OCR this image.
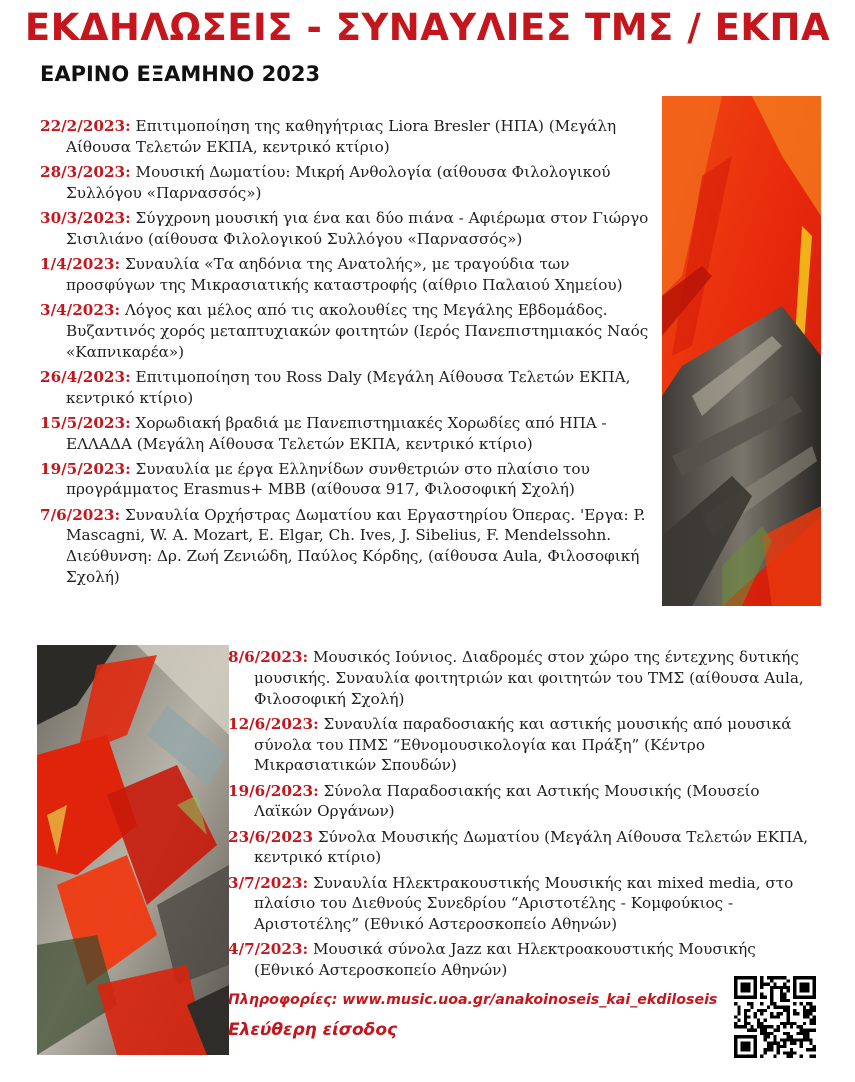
ΕΚΔΗΛΩΣΕΙΣ - ΣΥΝΑΥΛΙΕΣ ΤΜΣ / ΕΚΠΑ
ΕΑΡΙΝΟ ΕΞΑΜΗΝΟ 2023
22/2/2023: Επιτιμοποίηση της καθηγήτριας Liora Bresler (ΗΠΑ) (Μεγάλη Αίθουσα Τελετών ΕΚΠΑ, κεντρικό κτίριο)
28/3/2023: Μουσική Δωματίου: Μικρή Ανθολογία (αίθουσα Φιλολογικού Συλλόγου «Παρνασσός»)
30/3/2023: Σύγχρονη μουσική για ένα και δύο πιάνα - Αφιέρωμα στον Γιώργο Σισιλιάνο (αίθουσα Φιλολογικού Συλλόγου «Παρνασσός»)
1/4/2023: Συναυλία «Τα αηδόνια της Ανατολής», με τραγούδια των προσφύγων της Μικρασιατικής καταστροφής (αίθριο Παλαιού Χημείου)
3/4/2023: Λόγος και μέλος από τις ακολουθίες της Μεγάλης Εβδομάδος. Βυζαντινός χορός μεταπτυχιακών φοιτητών (Ιερός Πανεπιστημιακός Ναός «Καπνικαρέα»)
26/4/2023: Επιτιμοποίηση του Ross Daly (Μεγάλη Αίθουσα Τελετών ΕΚΠΑ, κεντρικό κτίριο)
15/5/2023: Χορωδιακή βραδιά με Πανεπιστημιακές Χορωδίες από ΗΠΑ - ΕΛΛΑΔΑ (Μεγάλη Αίθουσα Τελετών ΕΚΠΑ, κεντρικό κτίριο)
19/5/2023: Συναυλία με έργα Ελληνίδων συνθετριών στο πλαίσιο του προγράμματος Erasmus+ MBB (αίθουσα 917, Φιλοσοφική Σχολή)
7/6/2023: Συναυλία Ορχήστρας Δωματίου και Εργαστηρίου Όπερας. 'Εργα: P. Mascagni, W. A. Mozart, E. Elgar, Ch. Ives, J. Sibelius, F. Mendelssohn. Διεύθυνση: Δρ. Ζωή Ζενιώδη, Παύλος Κόρδης, (αίθουσα Aula, Φιλοσοφική Σχολή)
8/6/2023: Μουσικός Ιούνιος. Διαδρομές στον χώρο της έντεχνης δυτικής μουσικής. Συναυλία φοιτητριών και φοιτητών του ΤΜΣ (αίθουσα Aula, Φιλοσοφική Σχολή)
12/6/2023: Συναυλία παραδοσιακής και αστικής μουσικής από μουσικά σύνολα του ΠΜΣ “Εθνομουσικολογία και Πράξη” (Κέντρο Μικρασιατικών Σπουδών)
19/6/2023: Σύνολα Παραδοσιακής και Αστικής Μουσικής (Μουσείο Λαϊκών Οργάνων)
23/6/2023 Σύνολα Μουσικής Δωματίου (Μεγάλη Αίθουσα Τελετών ΕΚΠΑ, κεντρικό κτίριο)
3/7/2023: Συναυλία Ηλεκτρακουστικής Μουσικής και mixed media, στο πλαίσιο του Διεθνούς Συνεδρίου “Αριστοτέλης - Κομφούκιος - Αριστοτέλης” (Εθνικό Αστεροσκοπείο Αθηνών)
4/7/2023: Μουσικά σύνολα Jazz και Ηλεκτροακουστικής Μουσικής (Εθνικό Αστεροσκοπείο Αθηνών)
Πληροφορίες: www.music.uoa.gr/anakoinoseis_kai_ekdiloseis
Ελεύθερη είσοδος
